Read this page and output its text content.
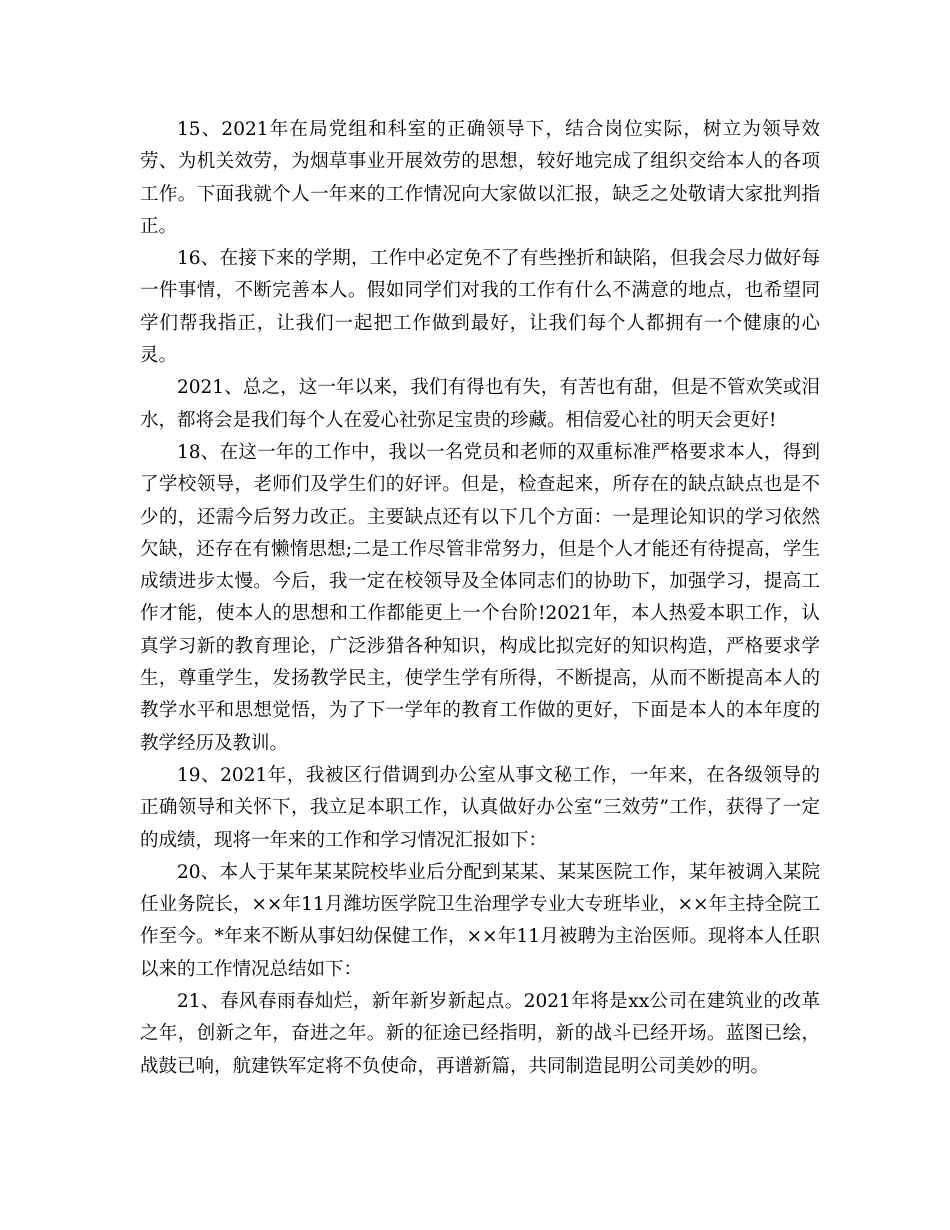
15、2021年在局党组和科室的正确领导下，结合岗位实际，树立为领导效劳、为机关效劳，为烟草事业开展效劳的思想，较好地完成了组织交给本人的各项工作。下面我就个人一年来的工作情况向大家做以汇报，缺乏之处敬请大家批判指正。

16、在接下来的学期，工作中必定免不了有些挫折和缺陷，但我会尽力做好每一件事情，不断完善本人。假如同学们对我的工作有什么不满意的地点，也希望同学们帮我指正，让我们一起把工作做到最好，让我们每个人都拥有一个健康的心灵。

2021、总之，这一年以来，我们有得也有失，有苦也有甜，但是不管欢笑或泪水，都将会是我们每个人在爱心社弥足宝贵的珍藏。相信爱心社的明天会更好!

18、在这一年的工作中，我以一名党员和老师的双重标准严格要求本人，得到了学校领导，老师们及学生们的好评。但是，检查起来，所存在的缺点缺点也是不少的，还需今后努力改正。主要缺点还有以下几个方面：一是理论知识的学习依然欠缺，还存在有懒惰思想;二是工作尽管非常努力，但是个人才能还有待提高，学生成绩进步太慢。今后，我一定在校领导及全体同志们的协助下，加强学习，提高工作才能，使本人的思想和工作都能更上一个台阶!2021年，本人热爱本职工作，认真学习新的教育理论，广泛涉猎各种知识，构成比拟完好的知识构造，严格要求学生，尊重学生，发扬教学民主，使学生学有所得，不断提高，从而不断提高本人的教学水平和思想觉悟，为了下一学年的教育工作做的更好，下面是本人的本年度的教学经历及教训。

19、2021年，我被区行借调到办公室从事文秘工作，一年来，在各级领导的正确领导和关怀下，我立足本职工作，认真做好办公室“三效劳”工作，获得了一定的成绩，现将一年来的工作和学习情况汇报如下：

20、本人于某年某某院校毕业后分配到某某、某某医院工作，某年被调入某院任业务院长，××年11月潍坊医学院卫生治理学专业大专班毕业，××年主持全院工作至今。*年来不断从事妇幼保健工作，××年11月被聘为主治医师。现将本人任职以来的工作情况总结如下：

21、春风春雨春灿烂，新年新岁新起点。2021年将是xx公司在建筑业的改革之年，创新之年，奋进之年。新的征途已经指明，新的战斗已经开场。蓝图已绘，战鼓已响，航建铁军定将不负使命，再谱新篇，共同制造昆明公司美妙的明。
